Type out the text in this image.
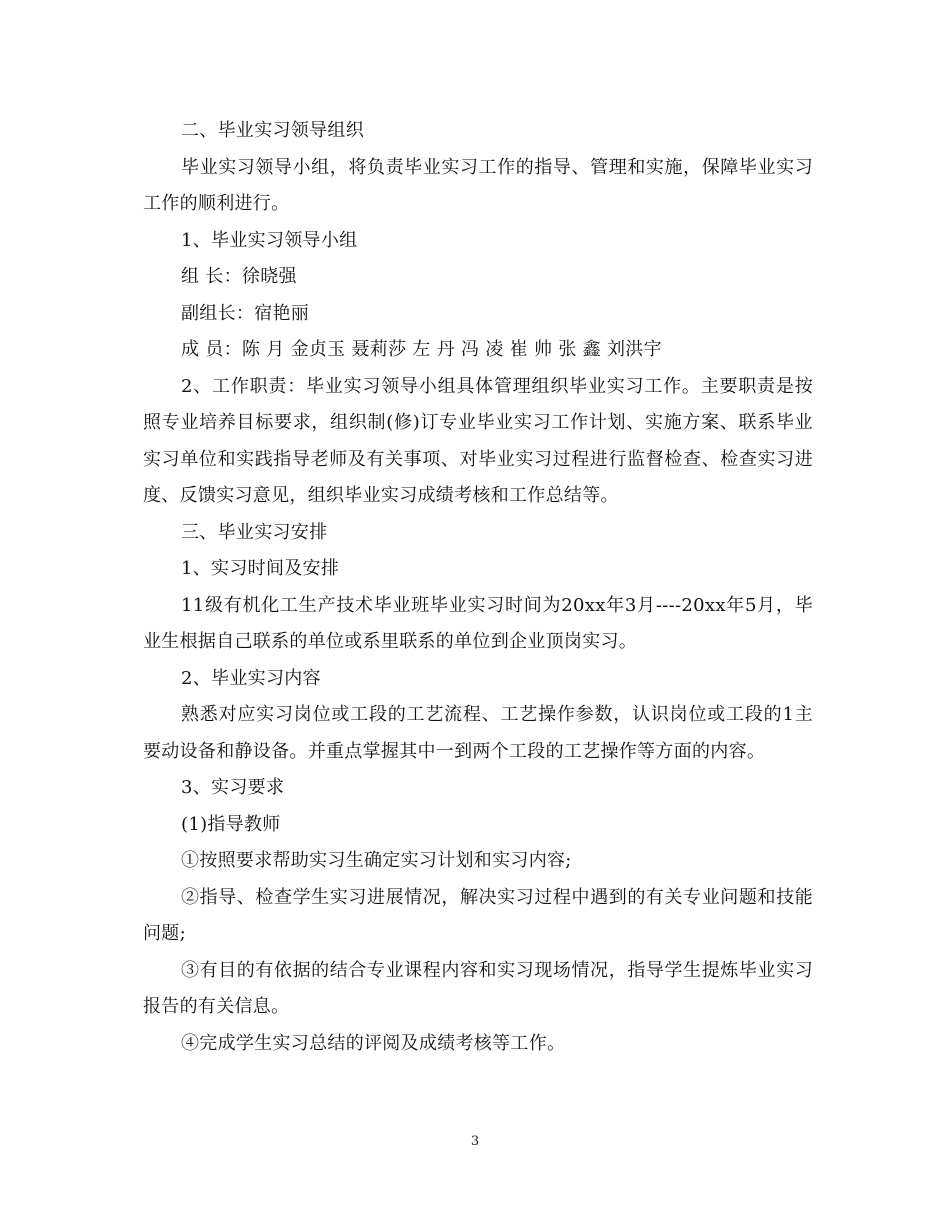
二、毕业实习领导组织

毕业实习领导小组，将负责毕业实习工作的指导、管理和实施，保障毕业实习工作的顺利进行。

1、毕业实习领导小组

组 长：徐晓强

副组长：宿艳丽

成 员：陈 月 金贞玉 聂莉莎 左 丹 冯 凌 崔 帅 张 鑫 刘洪宇

2、工作职责：毕业实习领导小组具体管理组织毕业实习工作。主要职责是按照专业培养目标要求，组织制(修)订专业毕业实习工作计划、实施方案、联系毕业实习单位和实践指导老师及有关事项、对毕业实习过程进行监督检查、检查实习进度、反馈实习意见，组织毕业实习成绩考核和工作总结等。

三、毕业实习安排

1、实习时间及安排

11级有机化工生产技术毕业班毕业实习时间为20xx年3月----20xx年5月，毕业生根据自己联系的单位或系里联系的单位到企业顶岗实习。

2、毕业实习内容

熟悉对应实习岗位或工段的工艺流程、工艺操作参数，认识岗位或工段的1主要动设备和静设备。并重点掌握其中一到两个工段的工艺操作等方面的内容。

3、实习要求

(1)指导教师

①按照要求帮助实习生确定实习计划和实习内容;

②指导、检查学生实习进展情况，解决实习过程中遇到的有关专业问题和技能问题;

③有目的有依据的结合专业课程内容和实习现场情况，指导学生提炼毕业实习报告的有关信息。

④完成学生实习总结的评阅及成绩考核等工作。

3
